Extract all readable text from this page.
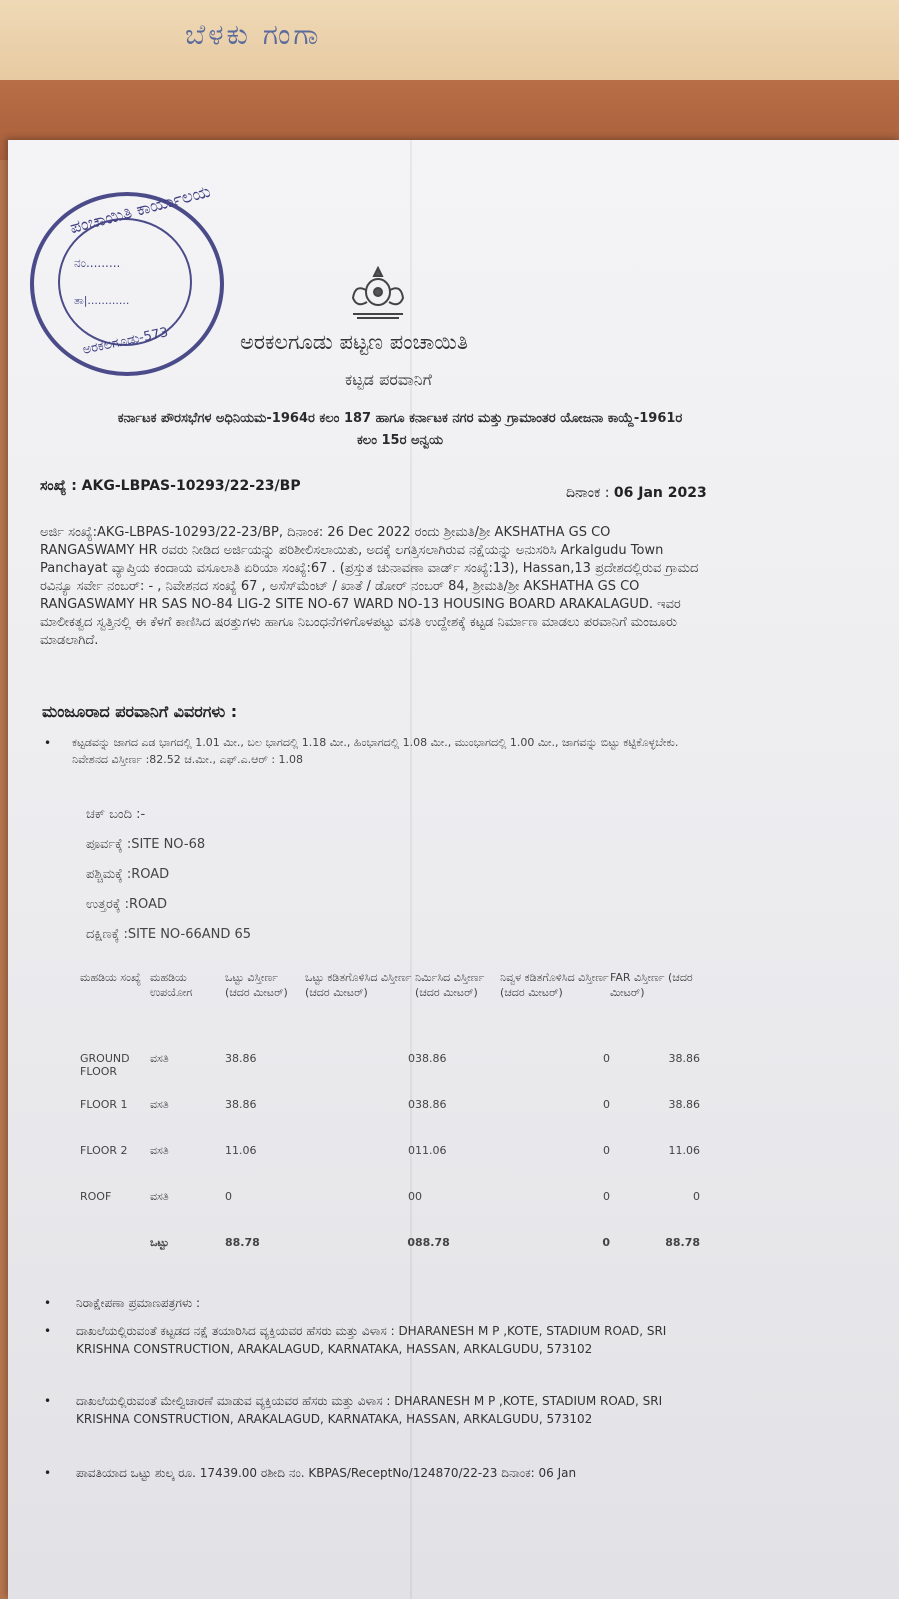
ಬೆಳಕು ಗಂಗಾ
ಪಂಚಾಯಿತಿ ಕಾರ್ಯಾಲಯ
ನಂ.........
ತಾ|............
ಅರಕಲಗೂಡು-573	ಅರಕಲಗೂಡು ಪಟ್ಟಣ ಪಂಚಾಯಿತಿ
ಕಟ್ಟಡ ಪರವಾನಿಗೆ
ಕರ್ನಾಟಕ ಪೌರಸಭೆಗಳ ಅಧಿನಿಯಮ-1964ರ ಕಲಂ 187 ಹಾಗೂ ಕರ್ನಾಟಕ ನಗರ ಮತ್ತು ಗ್ರಾಮಾಂತರ ಯೋಜನಾ ಕಾಯ್ದೆ-1961ರ
ಕಲಂ 15ರ ಅನ್ವಯ
ಸಂಖ್ಯೆ : AKG-LBPAS-10293/22-23/BP	ದಿನಾಂಕ : 06 Jan 2023
ಅರ್ಜಿ ಸಂಖ್ಯೆ:AKG-LBPAS-10293/22-23/BP, ದಿನಾಂಕ: 26 Dec 2022 ರಂದು ಶ್ರೀಮತಿ/ಶ್ರೀ AKSHATHA GS CO RANGASWAMY HR ರವರು ನೀಡಿದ ಅರ್ಜಿಯನ್ನು ಪರಿಶೀಲಿಸಲಾಯಿತು, ಅದಕ್ಕೆ ಲಗತ್ತಿಸಲಾಗಿರುವ ನಕ್ಷೆಯನ್ನು ಅನುಸರಿಸಿ Arkalgudu Town Panchayat ವ್ಯಾಪ್ತಿಯ ಕಂದಾಯ ವಸೂಲಾತಿ ಏರಿಯಾ ಸಂಖ್ಯೆ:67 . (ಪ್ರಸ್ತುತ ಚುನಾವಣಾ ವಾರ್ಡ್ ಸಂಖ್ಯೆ:13), Hassan,13 ಪ್ರದೇಶದಲ್ಲಿರುವ ಗ್ರಾಮದ ರವಿನ್ಯೂ ಸರ್ವೇ ನಂಬರ್: - , ನಿವೇಶನದ ಸಂಖ್ಯೆ 67 , ಅಸೆಸ್‌ಮೆಂಟ್ / ಖಾತೆ / ಡೋರ್ ನಂಬರ್ 84, ಶ್ರೀಮತಿ/ಶ್ರೀ AKSHATHA GS CO RANGASWAMY HR SAS NO-84 LIG-2 SITE NO-67 WARD NO-13 HOUSING BOARD ARAKALAGUD. ಇವರ ಮಾಲೀಕತ್ವದ ಸ್ವತ್ತಿನಲ್ಲಿ ಈ ಕೆಳಗೆ ಕಾಣಿಸಿದ ಷರತ್ತುಗಳು ಹಾಗೂ ನಿಬಂಧನೆಗಳಿಗೊಳಪಟ್ಟು ವಸತಿ ಉದ್ದೇಶಕ್ಕೆ ಕಟ್ಟಡ ನಿರ್ಮಾಣ ಮಾಡಲು ಪರವಾನಿಗೆ ಮಂಜೂರು ಮಾಡಲಾಗಿದೆ.
ಮಂಜೂರಾದ ಪರವಾನಿಗೆ ವಿವರಗಳು :
• ಕಟ್ಟಡವನ್ನು ಜಾಗದ ಎಡ ಭಾಗದಲ್ಲಿ 1.01 ಮೀ., ಬಲ ಭಾಗದಲ್ಲಿ 1.18 ಮೀ., ಹಿಂಭಾಗದಲ್ಲಿ 1.08 ಮೀ., ಮುಂಭಾಗದಲ್ಲಿ 1.00 ಮೀ., ಜಾಗವನ್ನು ಬಿಟ್ಟು ಕಟ್ಟಿಕೊಳ್ಳಬೇಕು.
ನಿವೇಶನದ ವಿಸ್ತೀರ್ಣ :82.52 ಚ.ಮೀ., ಎಫ್.ಎ.ಆರ್ : 1.08
ಚಕ್ ಬಂದಿ :-
ಪೂರ್ವಕ್ಕೆ :SITE NO-68
ಪಶ್ಚಿಮಕ್ಕೆ :ROAD
ಉತ್ತರಕ್ಕೆ :ROAD
ದಕ್ಷಿಣಕ್ಕೆ :SITE NO-66AND 65
ಮಹಡಿಯ ಸಂಖ್ಯೆ	ಮಹಡಿಯ ಉಪಯೋಗ	ಒಟ್ಟು ವಿಸ್ತೀರ್ಣ (ಚದರ ಮೀಟರ್)	ಒಟ್ಟು ಕಡಿತಗೊಳಿಸಿದ ವಿಸ್ತೀರ್ಣ (ಚದರ ಮೀಟರ್)	ನಿರ್ಮಿಸಿದ ವಿಸ್ತೀರ್ಣ (ಚದರ ಮೀಟರ್)	ನಿವ್ವಳ ಕಡಿತಗೊಳಿಸಿದ ವಿಸ್ತೀರ್ಣ (ಚದರ ಮೀಟರ್)	FAR ವಿಸ್ತೀರ್ಣ (ಚದರ ಮೀಟರ್)
GROUND FLOOR	ವಸತಿ	38.86	0	38.86	0	38.86
FLOOR 1	ವಸತಿ	38.86	0	38.86	0	38.86
FLOOR 2	ವಸತಿ	11.06	0	11.06	0	11.06
ROOF	ವಸತಿ	0	0	0	0	0
	ಒಟ್ಟು	88.78	0	88.78	0	88.78
• ನಿರಾಕ್ಷೇಪಣಾ ಪ್ರಮಾಣಪತ್ರಗಳು :
• ದಾಖಲೆಯಲ್ಲಿರುವಂತೆ ಕಟ್ಟಡದ ನಕ್ಷೆ ತಯಾರಿಸಿದ ವ್ಯಕ್ತಿಯವರ ಹೆಸರು ಮತ್ತು ವಿಳಾಸ : DHARANESH M P ,KOTE, STADIUM ROAD, SRI KRISHNA CONSTRUCTION, ARAKALAGUD, KARNATAKA, HASSAN, ARKALGUDU, 573102
• ದಾಖಲೆಯಲ್ಲಿರುವಂತೆ ಮೇಲ್ವಿಚಾರಣೆ ಮಾಡುವ ವ್ಯಕ್ತಿಯವರ ಹೆಸರು ಮತ್ತು ವಿಳಾಸ : DHARANESH M P ,KOTE, STADIUM ROAD, SRI KRISHNA CONSTRUCTION, ARAKALAGUD, KARNATAKA, HASSAN, ARKALGUDU, 573102
• ಪಾವತಿಯಾದ ಒಟ್ಟು ಶುಲ್ಕ ರೂ. 17439.00 ರಶೀದಿ ನಂ. KBPAS/ReceptNo/124870/22-23 ದಿನಾಂಕ: 06 Jan
